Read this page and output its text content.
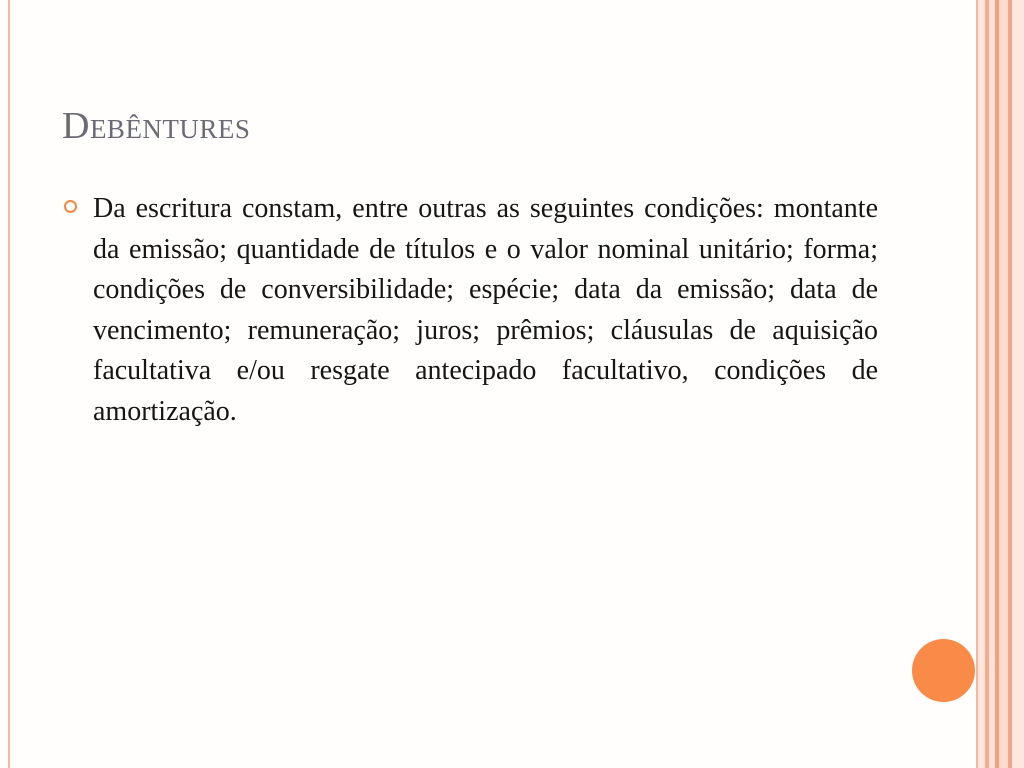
Debêntures

Da escritura constam, entre outras as seguintes condições: montante da emissão; quantidade de títulos e o valor nominal unitário; forma; condições de conversibilidade; espécie; data da emissão; data de vencimento; remuneração; juros; prêmios; cláusulas de aquisição facultativa e/ou resgate antecipado facultativo, condições de amortização.
